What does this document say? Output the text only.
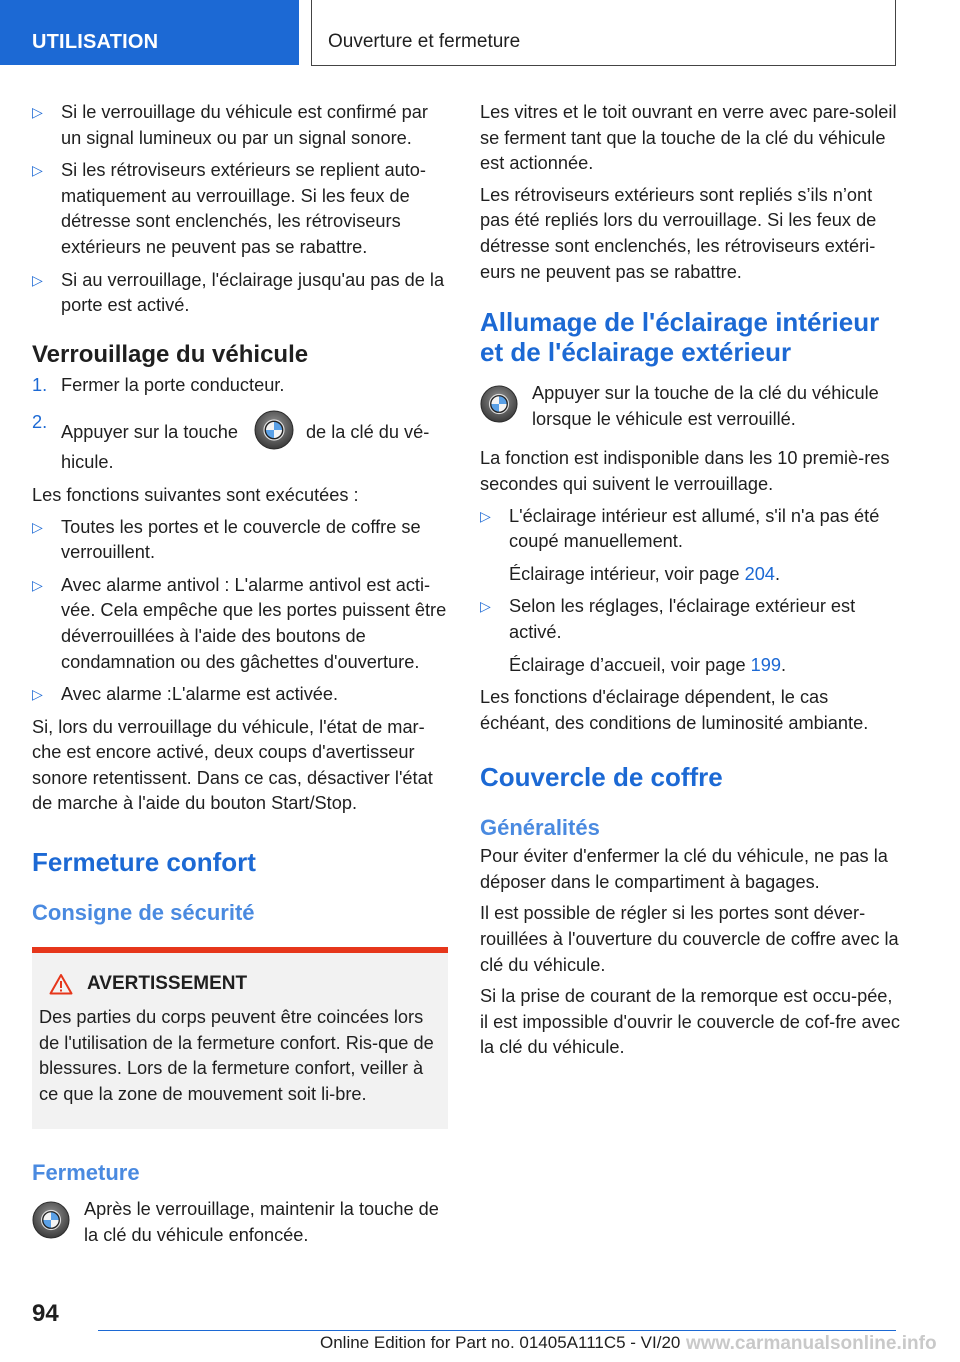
UTILISATION	Ouverture et fermeture
▷ Si le verrouillage du véhicule est confirmé par un signal lumineux ou par un signal sonore.
▷ Si les rétroviseurs extérieurs se replient auto-matiquement au verrouillage. Si les feux de détresse sont enclenchés, les rétroviseurs extérieurs ne peuvent pas se rabattre.
▷ Si au verrouillage, l'éclairage jusqu'au pas de la porte est activé.
Verrouillage du véhicule
1. Fermer la porte conducteur.
2. Appuyer sur la touche	de la clé du vé-hicule.

Les fonctions suivantes sont exécutées :

▷ Toutes les portes et le couvercle de coffre se verrouillent.
▷ Avec alarme antivol : L'alarme antivol est acti-vée. Cela empêche que les portes puissent être déverrouillées à l'aide des boutons de condamnation ou des gâchettes d'ouverture.
▷ Avec alarme :L'alarme est activée.

Si, lors du verrouillage du véhicule, l'état de mar-che est encore activé, deux coups d'avertisseur sonore retentissent. Dans ce cas, désactiver l'état de marche à l'aide du bouton Start/Stop.

Fermeture confort
Consigne de sécurité
AVERTISSEMENT
Des parties du corps peuvent être coincées lors de l'utilisation de la fermeture confort. Ris-que de blessures. Lors de la fermeture confort, veiller à ce que la zone de mouvement soit li-bre.
Fermeture
Après le verrouillage, maintenir la touche de la clé du véhicule enfoncée.

Les vitres et le toit ouvrant en verre avec pare-soleil se ferment tant que la touche de la clé du véhicule est actionnée.

Les rétroviseurs extérieurs sont repliés s’ils n’ont pas été repliés lors du verrouillage. Si les feux de détresse sont enclenchés, les rétroviseurs extéri-eurs ne peuvent pas se rabattre.

Allumage de l'éclairage intérieur et de l'éclairage extérieur
Appuyer sur la touche de la clé du véhicule lorsque le véhicule est verrouillé.

La fonction est indisponible dans les 10 premiè-res secondes qui suivent le verrouillage.

▷ L'éclairage intérieur est allumé, s'il n'a pas été coupé manuellement.
Éclairage intérieur, voir page 204.
▷ Selon les réglages, l'éclairage extérieur est activé.
Éclairage d’accueil, voir page 199.

Les fonctions d'éclairage dépendent, le cas échéant, des conditions de luminosité ambiante.

Couvercle de coffre
Généralités

Pour éviter d'enfermer la clé du véhicule, ne pas la déposer dans le compartiment à bagages.

Il est possible de régler si les portes sont déver-rouillées à l'ouverture du couvercle de coffre avec la clé du véhicule.

Si la prise de courant de la remorque est occu-pée, il est impossible d'ouvrir le couvercle de cof-fre avec la clé du véhicule.

94
Online Edition for Part no. 01405A111C5 - VI/20 www.carmanualsonline.info
